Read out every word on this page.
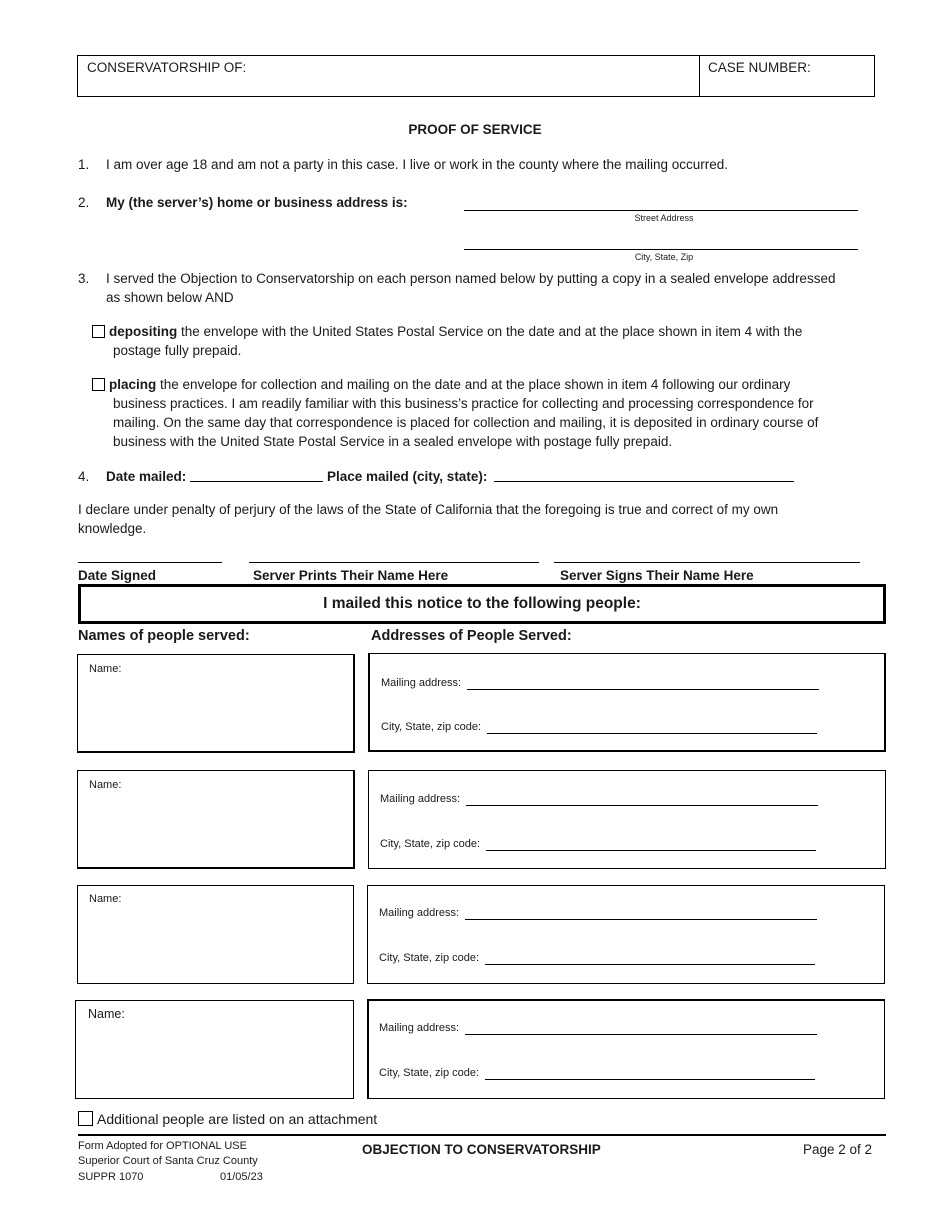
CONSERVATORSHIP OF:	CASE NUMBER:
PROOF OF SERVICE
1. I am over age 18 and am not a party in this case. I live or work in the county where the mailing occurred.
2. My (the server’s) home or business address is:
Street Address
City, State, Zip
3. I served the Objection to Conservatorship on each person named below by putting a copy in a sealed envelope addressed
as shown below AND
depositing the envelope with the United States Postal Service on the date and at the place shown in item 4 with the
postage fully prepaid.
placing the envelope for collection and mailing on the date and at the place shown in item 4 following our ordinary
business practices. I am readily familiar with this business’s practice for collecting and processing correspondence for
mailing. On the same day that correspondence is placed for collection and mailing, it is deposited in ordinary course of
business with the United State Postal Service in a sealed envelope with postage fully prepaid.
4. Date mailed:	Place mailed (city, state):
I declare under penalty of perjury of the laws of the State of California that the foregoing is true and correct of my own
knowledge.
Date Signed	Server Prints Their Name Here	Server Signs Their Name Here
I mailed this notice to the following people:
Names of people served:	Addresses of People Served:
Name:
Mailing address:
City, State, zip code:
Name:
Mailing address:
City, State, zip code:
Name:
Mailing address:
City, State, zip code:
Name:
Mailing address:
City, State, zip code:
Additional people are listed on an attachment
Form Adopted for OPTIONAL USE
Superior Court of Santa Cruz County
SUPPR 1070	01/05/23
OBJECTION TO CONSERVATORSHIP	Page 2 of 2
